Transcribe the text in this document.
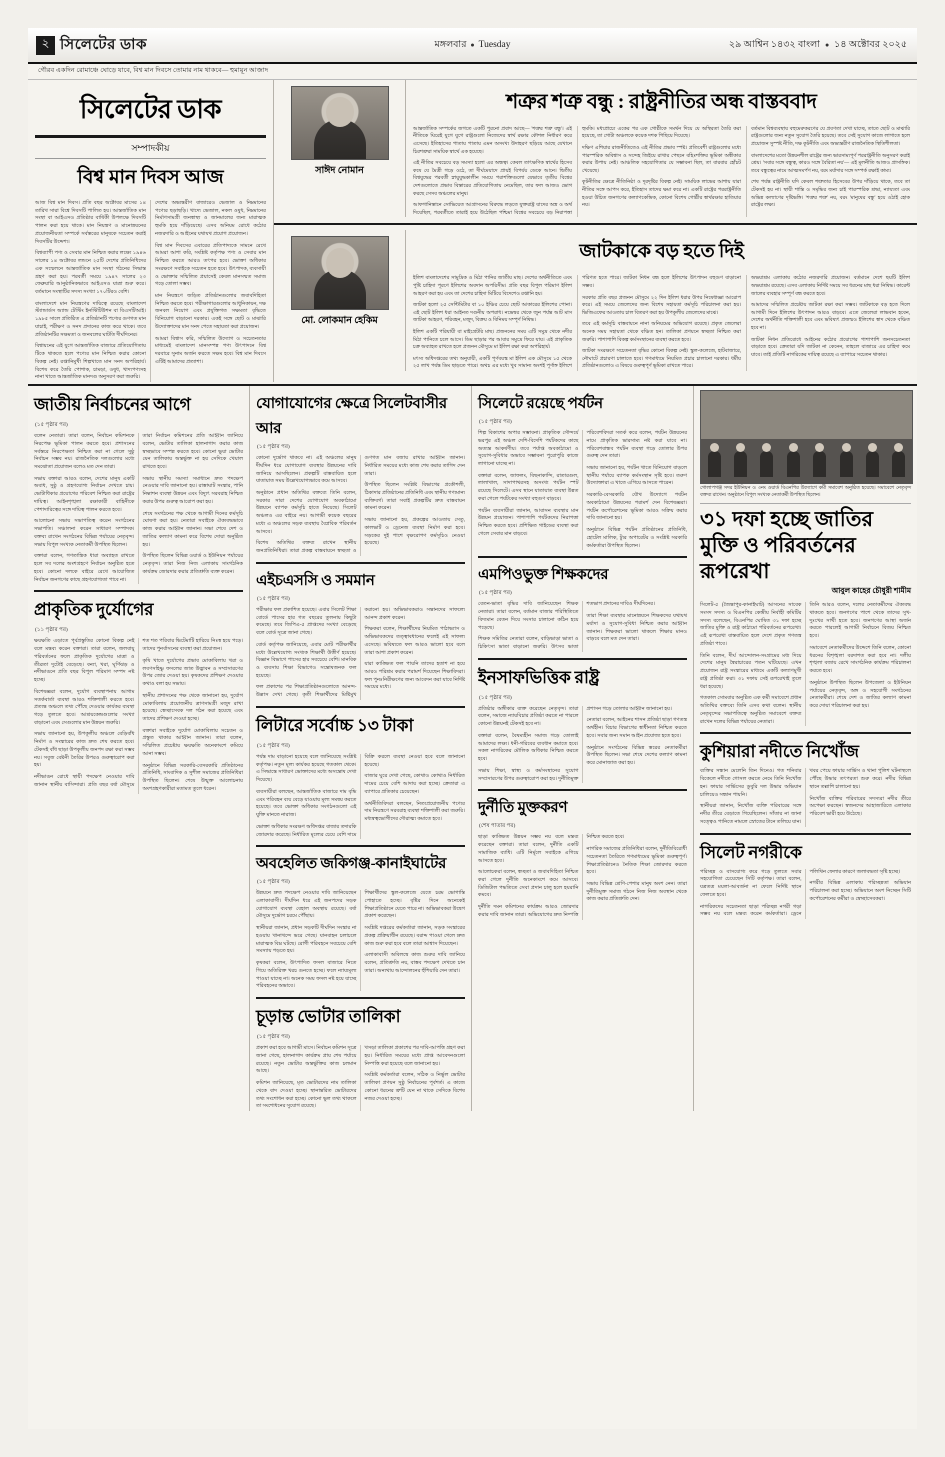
২ সিলেটের ডাক	মঙ্গলবার ● Tuesday	২৯ আশ্বিন ১৪৩২ বাংলা ● ১৪ অক্টোবর ২০২৫
গৌরব একদিন রোমাঞ্চে ঘোড়ে যাবে, বিশ্ব মান দিবসে তোমার নাম থাকবে— হুমায়ূন আজাদ
সিলেটের ডাক
সম্পাদকীয়
বিশ্ব মান দিবস আজ

আজ বিশ্ব মান দিবস। প্রতি বছর অক্টোবর মাসের ১৪ তারিখ সারা বিশ্বে দিবসটি পালিত হয়। আন্তর্জাতিক মান সংস্থা বা আইএসও প্রতিষ্ঠার বার্ষিকী উপলক্ষে দিবসটি পালন করা হয়ে থাকে। মান নিয়ন্ত্রণ ও মানোন্নয়নের প্রয়োজনীয়তা সম্পর্কে সর্বস্তরের মানুষকে সচেতন করাই দিবসটির উদ্দেশ্য।

বিশ্বব্যাপী পণ্য ও সেবার মান নিশ্চিত করার লক্ষ্যে ১৯৪৬ সালের ১৪ অক্টোবর লন্ডনে ২৫টি দেশের প্রতিনিধিদের এক সম্মেলনে আন্তর্জাতিক মান সংস্থা গঠনের সিদ্ধান্ত গ্রহণ করা হয়। পরবর্তী সময়ে ১৯৪৭ সালের ২৩ ফেব্রুয়ারি আনুষ্ঠানিকভাবে আইএসও যাত্রা শুরু করে। বর্তমানে সংস্থাটির সদস্য সংখ্যা ১৭০টিরও বেশি।

বাংলাদেশে মান নিয়ন্ত্রণের দায়িত্বে রয়েছে বাংলাদেশ স্ট্যান্ডার্ডস অ্যান্ড টেস্টিং ইনস্টিটিউশন বা বিএসটিআই। ১৯৮৫ সালে প্রতিষ্ঠিত এ প্রতিষ্ঠানটি পণ্যের গুণগত মান যাচাই, পরীক্ষণ ও সনদ প্রদানের কাজ করে থাকে। তবে প্রতিষ্ঠানটির সক্ষমতা ও জনবলের ঘাটতি দীর্ঘদিনের।

বিশ্বায়নের এই যুগে আন্তর্জাতিক বাজারে প্রতিযোগিতায় টিকে থাকতে হলে পণ্যের মান নিশ্চিত করার কোনো বিকল্প নেই। রপ্তানিমুখী শিল্পখাতে মান সনদ অপরিহার্য। বিশেষ করে তৈরি পোশাক, চামড়া, ওষুধ, খাদ্যপণ্যসহ নানা খাতে আন্তর্জাতিক মানদণ্ড অনুসরণ করা জরুরি।

দেশের অভ্যন্তরীণ বাজারেও ভেজাল ও নিম্নমানের পণ্যের ছড়াছড়ি। খাদ্যে ভেজাল, নকল ওষুধ, নিম্নমানের নির্মাণসামগ্রী জনস্বাস্থ্য ও জানমালের জন্য মারাত্মক হুমকি হয়ে দাঁড়িয়েছে। এসব অনিয়ম রোধে কঠোর নজরদারি ও আইনের যথাযথ প্রয়োগ প্রয়োজন।

বিশ্ব মান দিবসের এবারের প্রতিপাদ্যকে সামনে রেখে আমরা আশা করি, সংশ্লিষ্ট কর্তৃপক্ষ পণ্য ও সেবার মান নিশ্চিত করতে আরও তৎপর হবে। ভোক্তা অধিকার সংরক্ষণে সবাইকে সচেতন হতে হবে। উৎপাদক, ব্যবসায়ী ও ভোক্তার সম্মিলিত প্রয়াসেই কেবল মানসম্মত সমাজ গড়ে তোলা সম্ভব।

মান নিয়ন্ত্রণে জড়িত প্রতিষ্ঠানগুলোর জবাবদিহিতা নিশ্চিত করতে হবে। পরীক্ষাগারগুলোর আধুনিকায়ন, দক্ষ জনবল নিয়োগ এবং প্রযুক্তিগত সক্ষমতা বৃদ্ধিতে বিনিয়োগ বাড়ানো দরকার। একই সঙ্গে ছোট ও মাঝারি উদ্যোক্তাদের মান সনদ পেতে সহায়তা করা প্রয়োজন।

আমরা বিশ্বাস করি, সম্মিলিত উদ্যোগ ও সচেতনতার মাধ্যমেই বাংলাদেশ মানসম্পন্ন পণ্য উৎপাদনে বিশ্ব দরবারে সুনাম অর্জন করতে সক্ষম হবে। বিশ্ব মান দিবসে এটিই আমাদের প্রত্যাশা।

সাঈদ নোমান
শত্রুর শত্রু বন্ধু : রাষ্ট্রনীতির অন্ধ বাস্তববাদ

আন্তর্জাতিক সম্পর্কের জগতে একটি পুরনো প্রবাদ আছে— 'শত্রুর শত্রু বন্ধু'। এই নীতিকে ঘিরেই যুগে যুগে রাষ্ট্রগুলো নিজেদের স্বার্থ রক্ষার কৌশল নির্ধারণ করে এসেছে। ইতিহাসের পাতায় পাতায় এমন অসংখ্য উদাহরণ ছড়িয়ে আছে যেখানে চিরশত্রুরা সাময়িক স্বার্থে এক হয়েছে।

এই নীতির সবচেয়ে বড় সমস্যা হলো এর অন্ধত্ব। কেবল তাৎক্ষণিক স্বার্থের হিসেব কষে যে মৈত্রী গড়ে ওঠে, তা দীর্ঘমেয়াদে প্রায়ই বিপর্যয় ডেকে আনে। দ্বিতীয় বিশ্বযুদ্ধের পরবর্তী স্নায়ুযুদ্ধকালীন সময়ে পরাশক্তিগুলো যেভাবে তৃতীয় বিশ্বের দেশগুলোতে প্রভাব বিস্তারের প্রতিযোগিতায় নেমেছিল, তার ফল আজও ভোগ করছে সেসব অঞ্চলের মানুষ।

আফগানিস্তানে সোভিয়েত আগ্রাসনের বিরুদ্ধে লড়তে যুক্তরাষ্ট্র যাদের অস্ত্র ও অর্থ দিয়েছিল, পরবর্তীতে তারাই হয়ে উঠেছিল পশ্চিমা বিশ্বের সবচেয়ে বড় নিরাপত্তা হুমকি। মধ্যপ্রাচ্যে একের পর এক গোষ্ঠীকে সমর্থন দিয়ে যে অস্থিরতা তৈরি করা হয়েছে, তা গোটা অঞ্চলকে কয়েক দশক পিছিয়ে দিয়েছে।

দক্ষিণ এশিয়ার রাজনীতিতেও এই নীতির প্রভাব স্পষ্ট। প্রতিবেশী রাষ্ট্রগুলোর মধ্যে পারস্পরিক অবিশ্বাস ও সন্দেহ জিইয়ে রাখার পেছনে বহিঃশক্তির ভূমিকা অস্বীকার করার উপায় নেই। আঞ্চলিক সহযোগিতার যে সম্ভাবনা ছিল, তা বারবার হোঁচট খেয়েছে।

কূটনীতির ক্ষেত্রে নীতিনিষ্ঠা ও দূরদৃষ্টির বিকল্প নেই। সাময়িক লাভের আশায় যারা নীতির সঙ্গে আপস করে, ইতিহাস তাদের ক্ষমা করে না। একটি রাষ্ট্রের পররাষ্ট্রনীতি হওয়া উচিত জনগণের কল্যাণকেন্দ্রিক, কোনো বিশেষ গোষ্ঠীর স্বার্থরক্ষার হাতিয়ার নয়।

বর্তমান বিশ্বব্যবস্থায় বহুমেরুকরণের যে প্রবণতা দেখা যাচ্ছে, তাতে ছোট ও মাঝারি রাষ্ট্রগুলোর জন্য নতুন সুযোগ তৈরি হয়েছে। তবে সেই সুযোগ কাজে লাগাতে হলে প্রয়োজন সুস্পষ্ট নীতি, দক্ষ কূটনীতি এবং অভ্যন্তরীণ রাজনৈতিক স্থিতিশীলতা।

বাংলাদেশের মতো উন্নয়নশীল রাষ্ট্রের জন্য ভারসাম্যপূর্ণ পররাষ্ট্রনীতি অনুসরণ করাই শ্রেয়। 'সবার সঙ্গে বন্ধুত্ব, কারও সঙ্গে বৈরিতা নয়'— এই মূলনীতি আজও প্রাসঙ্গিক। তবে বন্ধুত্বের নামে আত্মসমর্পণ নয়, বরং মর্যাদার সঙ্গে সম্পর্ক রক্ষাই কাম্য।

শেষ পর্যন্ত রাষ্ট্রনীতি যদি কেবল শত্রুতার হিসেবের উপর দাঁড়িয়ে থাকে, তবে তা টেকসই হয় না। স্থায়ী শান্তি ও সমৃদ্ধির জন্য চাই পারস্পরিক শ্রদ্ধা, ন্যায্যতা এবং অভিন্ন কল্যাণের দৃষ্টিভঙ্গি। 'শত্রুর শত্রু' নয়, বরং 'মানুষের বন্ধু' হয়ে ওঠাই হোক রাষ্ট্রের লক্ষ্য।

মো. লোকমান হেকিম
জাটকাকে বড় হতে দিই

ইলিশ বাংলাদেশের সামুদ্রিক ও মিঠা পানির জাতীয় মাছ। দেশের অর্থনীতিতে এবং পুষ্টি চাহিদা পূরণে ইলিশের অবদান অপরিসীম। প্রতি বছর বিপুল পরিমাণ ইলিশ আহরণ করা হয় এবং তা দেশের চাহিদা মিটিয়ে বিদেশেও রপ্তানি হয়।

জাটকা হলো ২৫ সেন্টিমিটার বা ১০ ইঞ্চির চেয়ে ছোট আকারের ইলিশের পোনা। এই ছোট ইলিশ ধরা আইনত দণ্ডনীয় অপরাধ। নভেম্বর থেকে জুন পর্যন্ত আট মাস জাটকা আহরণ, পরিবহন, মজুদ, বিক্রয় ও বিনিময় সম্পূর্ণ নিষিদ্ধ।

ইলিশ একটি পরিযায়ী বা মাইগ্রেটরি মাছ। প্রজননের সময় এটি সমুদ্র থেকে নদীর মিঠা পানিতে চলে আসে। ডিম ছাড়ার পর আবার সমুদ্রে ফিরে যায়। এই প্রাকৃতিক চক্র অব্যাহত রাখতে হলে প্রজনন মৌসুমে মা ইলিশ রক্ষা করা অপরিহার্য।

মৎস্য অধিদপ্তরের তথ্য অনুযায়ী, একটি পূর্ণবয়স্ক মা ইলিশ এক মৌসুমে ১৫ থেকে ২৫ লাখ পর্যন্ত ডিম ছাড়তে পারে। অথচ এর মধ্যে খুব সামান্য অংশই পূর্ণাঙ্গ ইলিশে পরিণত হতে পারে। জাটকা নিধন বন্ধ হলে ইলিশের উৎপাদন বহুগুণ বাড়ানো সম্ভব।

সরকার প্রতি বছর প্রজনন মৌসুমে ২২ দিন ইলিশ ধরার উপর নিষেধাজ্ঞা আরোপ করে। এই সময়ে জেলেদের জন্য বিশেষ সহায়তা কর্মসূচি পরিচালনা করা হয়। ভিজিএফের আওতায় চাল বিতরণ করা হয় উপকূলীয় জেলেদের মাঝে।

তবে এই কর্মসূচি বাস্তবায়নে নানা অনিয়মের অভিযোগ রয়েছে। প্রকৃত জেলেরা অনেক সময় সহায়তা থেকে বঞ্চিত হন। তালিকা প্রণয়নে স্বচ্ছতা নিশ্চিত করা জরুরি। পাশাপাশি বিকল্প কর্মসংস্থানের ব্যবস্থা করতে হবে।

জাটকা সংরক্ষণে সচেতনতা বৃদ্ধির কোনো বিকল্প নেই। স্কুল-কলেজে, হাটবাজারে, নৌঘাটে প্রচারণা চালাতে হবে। গণমাধ্যমে নিয়মিত প্রচার চালানো দরকার। ধর্মীয় প্রতিষ্ঠানগুলোও এ বিষয়ে গুরুত্বপূর্ণ ভূমিকা রাখতে পারে।

অভয়াশ্রম এলাকায় কঠোর নজরদারি প্রয়োজন। বর্তমানে দেশে ছয়টি ইলিশ অভয়াশ্রম রয়েছে। এসব এলাকায় নির্দিষ্ট সময়ে সব ধরনের মাছ ধরা নিষিদ্ধ। কারেন্ট জালের ব্যবহার সম্পূর্ণ বন্ধ করতে হবে।

আমাদের সম্মিলিত প্রচেষ্টায় জাটকা রক্ষা করা সম্ভব। জাটকাকে বড় হতে দিলে আগামী দিনে ইলিশের উৎপাদন আরও বাড়বে। এতে জেলেরা লাভবান হবেন, দেশের অর্থনীতি শক্তিশালী হবে এবং ভবিষ্যৎ প্রজন্মও ইলিশের স্বাদ থেকে বঞ্চিত হবে না।

জাটকা নিধন প্রতিরোধে আইনের কঠোর প্রয়োগের পাশাপাশি জনসচেতনতা বাড়াতে হবে। ক্রেতারা যদি জাটকা না কেনেন, তাহলে বাজারে এর চাহিদা কমে যাবে। তাই প্রতিটি নাগরিকের দায়িত্ব রয়েছে এ ব্যাপারে সচেতন থাকার।

জাতীয় নির্বাচনের আগে
(১৫ পৃষ্ঠার পর)

বলেন নেতারা। তারা বলেন, নির্বাচন কমিশনকে নিরপেক্ষ ভূমিকা পালন করতে হবে। প্রশাসনের সর্বস্তরে নিরপেক্ষতা নিশ্চিত করা না গেলে সুষ্ঠু নির্বাচন সম্ভব নয়। রাজনৈতিক দলগুলোর মধ্যে সমঝোতা প্রয়োজন বলেও মত দেন তারা।

সভায় বক্তারা আরও বলেন, দেশের মানুষ একটি অবাধ, সুষ্ঠু ও গ্রহণযোগ্য নির্বাচন দেখতে চায়। ভোটাধিকার প্রয়োগের পরিবেশ নিশ্চিত করা রাষ্ট্রের দায়িত্ব। আইনশৃঙ্খলা রক্ষাকারী বাহিনীকে পেশাদারিত্বের সঙ্গে দায়িত্ব পালন করতে হবে।

আলোচনা সভায় সভাপতিত্ব করেন সংগঠনের সভাপতি। সঞ্চালনা করেন সাধারণ সম্পাদক। বক্তব্য রাখেন সংগঠনের বিভিন্ন পর্যায়ের নেতৃবৃন্দ। সভায় বিপুল সংখ্যক নেতাকর্মী উপস্থিত ছিলেন।

বক্তারা বলেন, গণতান্ত্রিক ধারা অব্যাহত রাখতে হলে সব দলের অংশগ্রহণে নির্বাচন অনুষ্ঠিত হতে হবে। কোনো দলকে বাইরে রেখে আয়োজিত নির্বাচন জনগণের কাছে গ্রহণযোগ্যতা পাবে না।

তারা নির্বাচন কমিশনের প্রতি আহ্বান জানিয়ে বলেন, ভোটার তালিকা হালনাগাদ করার কাজ স্বচ্ছভাবে সম্পন্ন করতে হবে। কোনো ভুয়া ভোটার যেন তালিকায় অন্তর্ভুক্ত না হয় সেদিকে খেয়াল রাখতে হবে।

সভায় স্থানীয় সমস্যা সমাধানে দ্রুত পদক্ষেপ নেওয়ার দাবি জানানো হয়। রাস্তাঘাট সংস্কার, পানি নিষ্কাশন ব্যবস্থা উন্নয়ন এবং বিদ্যুৎ সরবরাহ নিশ্চিত করার উপর গুরুত্ব আরোপ করা হয়।

শেষে সংগঠনের পক্ষ থেকে আগামী দিনের কর্মসূচি ঘোষণা করা হয়। নেতারা সবাইকে ঐক্যবদ্ধভাবে কাজ করার আহ্বান জানান। সভা শেষে দেশ ও জাতির কল্যাণ কামনা করে বিশেষ দোয়া অনুষ্ঠিত হয়।

উপস্থিত ছিলেন বিভিন্ন ওয়ার্ড ও ইউনিয়ন পর্যায়ের নেতৃবৃন্দ। তারা নিজ নিজ এলাকায় সাংগঠনিক কার্যক্রম জোরদার করার প্রতিশ্রুতি ব্যক্ত করেন।

প্রাকৃতিক দুর্যোগের
(১১ পৃষ্ঠার পর)

ক্ষয়ক্ষতি এড়াতে পূর্বপ্রস্তুতির কোনো বিকল্প নেই বলে মন্তব্য করেন বক্তারা। তারা বলেন, জলবায়ু পরিবর্তনের ফলে প্রাকৃতিক দুর্যোগের মাত্রা ও তীব্রতা দুটোই বেড়েছে। বন্যা, খরা, ঘূর্ণিঝড় ও নদীভাঙনে প্রতি বছর বিপুল পরিমাণ সম্পদ নষ্ট হচ্ছে।

বিশেষজ্ঞরা বলেন, দুর্যোগ ব্যবস্থাপনায় আগাম সতর্কবার্তা ব্যবস্থা আরও শক্তিশালী করতে হবে। প্রত্যন্ত অঞ্চলে তথ্য পৌঁছে দেওয়ার কার্যকর ব্যবস্থা গড়ে তুলতে হবে। আশ্রয়কেন্দ্রগুলোর সংখ্যা বাড়ানো এবং সেগুলোর মান উন্নয়ন জরুরি।

সভায় জানানো হয়, উপকূলীয় অঞ্চলে বেড়িবাঁধ নির্মাণ ও সংস্কারের কাজ দ্রুত শেষ করতে হবে। টেকসই বাঁধ ছাড়া উপকূলীয় জনপদ রক্ষা করা সম্ভব নয়। সবুজ বেষ্টনী তৈরির উপরও গুরুত্বারোপ করা হয়।

নদীভাঙন রোধে স্থায়ী পদক্ষেপ নেওয়ার দাবি জানান স্থানীয় বাসিন্দারা। প্রতি বছর বর্ষা মৌসুমে শত শত পরিবার ভিটেমাটি হারিয়ে নিঃস্ব হয়ে পড়ে। তাদের পুনর্বাসনের ব্যবস্থা করা প্রয়োজন।

কৃষি খাতে দুর্যোগের প্রভাব মোকাবিলায় খরা ও লবণসহিষ্ণু ফসলের জাত উদ্ভাবন ও সম্প্রসারণের উপর জোর দেওয়া হয়। কৃষকদের প্রশিক্ষণ দেওয়ার কথাও বলা হয় সভায়।

স্থানীয় প্রশাসনের পক্ষ থেকে জানানো হয়, দুর্যোগ মোকাবিলায় প্রয়োজনীয় ত্রাণসামগ্রী মজুদ রাখা হয়েছে। স্বেচ্ছাসেবক দল গঠন করা হয়েছে এবং তাদের প্রশিক্ষণ দেওয়া হচ্ছে।

বক্তারা সবাইকে দুর্যোগ মোকাবিলায় সচেতন ও প্রস্তুত থাকার আহ্বান জানান। তারা বলেন, সম্মিলিত প্রচেষ্টায় ক্ষয়ক্ষতি অনেকাংশে কমিয়ে আনা সম্ভব।

অনুষ্ঠানে বিভিন্ন সরকারি-বেসরকারি প্রতিষ্ঠানের প্রতিনিধি, সাংবাদিক ও সুশীল সমাজের প্রতিনিধিরা উপস্থিত ছিলেন। শেষে উন্মুক্ত আলোচনায় অংশগ্রহণকারীরা মতামত তুলে ধরেন।

যোগাযোগের ক্ষেত্রে সিলেটবাসীর আর
(১৫ পৃষ্ঠার পর)

কোনো দুর্ভোগ থাকবে না। এই অঞ্চলের মানুষ দীর্ঘদিন ধরে যোগাযোগ ব্যবস্থার উন্নয়নের দাবি জানিয়ে আসছিলেন। প্রকল্পটি বাস্তবায়িত হলে যাতায়াত সময় উল্লেখযোগ্যভাবে কমে আসবে।

অনুষ্ঠানে প্রধান অতিথির বক্তব্যে তিনি বলেন, সরকার সারা দেশের যোগাযোগ অবকাঠামো উন্নয়নে ব্যাপক কর্মসূচি হাতে নিয়েছে। সিলেট অঞ্চলও এর বাইরে নয়। আগামী কয়েক বছরের মধ্যে এ অঞ্চলের সড়ক ব্যবস্থায় বৈপ্লবিক পরিবর্তন আসবে।

বিশেষ অতিথির বক্তব্য রাখেন স্থানীয় জনপ্রতিনিধিরা। তারা প্রকল্প বাস্তবায়নে স্বচ্ছতা ও গুণগত মান বজায় রাখার আহ্বান জানান। নির্ধারিত সময়ের মধ্যে কাজ শেষ করার তাগিদ দেন তারা।

উপস্থিত ছিলেন সংশ্লিষ্ট বিভাগের প্রকৌশলী, ঠিকাদার প্রতিষ্ঠানের প্রতিনিধি এবং স্থানীয় গণ্যমান্য ব্যক্তিবর্গ। তারা সবাই প্রকল্পটির দ্রুত বাস্তবায়ন কামনা করেন।

সভায় জানানো হয়, প্রকল্পের আওতায় সেতু, কালভার্ট ও ড্রেনেজ ব্যবস্থা নির্মাণ করা হবে। সড়কের দুই পাশে বৃক্ষরোপণ কর্মসূচিও নেওয়া হয়েছে।

এইচএসসি ও সমমান
(১৫ পৃষ্ঠার পর)

পরীক্ষার ফল প্রকাশিত হয়েছে। এবার সিলেট শিক্ষা বোর্ডে পাসের হার গত বছরের তুলনায় কিছুটা কমেছে। তবে জিপিএ-৫ প্রাপ্তদের সংখ্যা বেড়েছে বলে বোর্ড সূত্রে জানা গেছে।

বোর্ড কর্তৃপক্ষ জানিয়েছে, এবার মোট পরীক্ষার্থীর মধ্যে উল্লেখযোগ্য সংখ্যক শিক্ষার্থী উত্তীর্ণ হয়েছে। বিজ্ঞান বিভাগে পাসের হার সবচেয়ে বেশি। মানবিক ও ব্যবসায় শিক্ষা বিভাগেও সন্তোষজনক ফল হয়েছে।

ফল প্রকাশের পর শিক্ষাপ্রতিষ্ঠানগুলোতে আনন্দ-উল্লাস দেখা গেছে। কৃতী শিক্ষার্থীদের মিষ্টিমুখ করানো হয়। অভিভাবকরাও সন্তানদের সাফল্যে আনন্দ প্রকাশ করেন।

শিক্ষকরা বলেন, শিক্ষার্থীদের নিয়মিত পাঠাভ্যাস ও অভিভাবকদের তত্ত্বাবধানের ফলেই এই সাফল্য এসেছে। ভবিষ্যতে ফল আরও ভালো হবে বলে তারা আশা প্রকাশ করেন।

যারা কাঙ্ক্ষিত ফল পায়নি তাদের হতাশ না হয়ে আরও পরিশ্রম করার পরামর্শ দিয়েছেন শিক্ষাবিদরা। ফল পুনঃনিরীক্ষণের জন্য আবেদন করা যাবে নির্দিষ্ট সময়ের মধ্যে।

লিটারে সর্বোচ্চ ১৩ টাকা
(১৫ পৃষ্ঠার পর)

পর্যন্ত দাম বাড়ানো হয়েছে বলে জানিয়েছে সংশ্লিষ্ট কর্তৃপক্ষ। নতুন মূল্য কার্যকর হয়েছে গতকাল থেকে। এ সিদ্ধান্তে সাধারণ ভোক্তাদের মধ্যে অসন্তোষ দেখা দিয়েছে।

ব্যবসায়ীরা বলছেন, আন্তর্জাতিক বাজারে দাম বৃদ্ধি এবং পরিবহন ব্যয় বেড়ে যাওয়ায় মূল্য সমন্বয় করতে হয়েছে। তবে ভোক্তা অধিকার সংগঠনগুলো এই যুক্তি মানতে নারাজ।

ভোক্তা অধিকার সংরক্ষণ অধিদপ্তর বাজার তদারকি জোরদার করেছে। নির্ধারিত মূল্যের চেয়ে বেশি দামে বিক্রি করলে ব্যবস্থা নেওয়া হবে বলে জানানো হয়েছে।

বাজার ঘুরে দেখা গেছে, কোথাও কোথাও নির্ধারিত দামের চেয়ে বেশি আদায় করা হচ্ছে। ক্রেতারা এ ব্যাপারে প্রতিকার চেয়েছেন।

অর্থনীতিবিদরা বলছেন, নিত্যপ্রয়োজনীয় পণ্যের দাম নিয়ন্ত্রণে সরবরাহ ব্যবস্থা শক্তিশালী করা জরুরি। মধ্যস্বত্বভোগীদের দৌরাত্ম্য কমাতে হবে।

অবহেলিত জকিগঞ্জ-কানাইঘাটের
(১৫ পৃষ্ঠার পর)

উন্নয়নে দ্রুত পদক্ষেপ নেওয়ার দাবি জানিয়েছেন এলাকাবাসী। দীর্ঘদিন ধরে এই জনপদের সড়ক যোগাযোগ ব্যবস্থা বেহাল অবস্থায় রয়েছে। বর্ষা মৌসুমে দুর্ভোগ চরমে পৌঁছায়।

স্থানীয়রা জানান, প্রধান সড়কটি দীর্ঘদিন সংস্কার না হওয়ায় খানাখন্দে ভরে গেছে। যানবাহন চলাচলে মারাত্মক বিঘ্ন ঘটছে। রোগী পরিবহনে সবচেয়ে বেশি সমস্যায় পড়তে হয়।

কৃষকরা বলেন, উৎপাদিত ফসল বাজারে নিতে গিয়ে অতিরিক্ত খরচ গুনতে হচ্ছে। ফলে ন্যায্যমূল্য পাওয়া যাচ্ছে না। অনেক সময় ফসল নষ্ট হয়ে যাচ্ছে পরিবহনের অভাবে।

শিক্ষার্থীদের স্কুল-কলেজে যেতে চরম ভোগান্তি পোহাতে হচ্ছে। বৃষ্টির দিনে অনেকেই শিক্ষাপ্রতিষ্ঠানে যেতে পারে না। অভিভাবকরা উদ্বেগ প্রকাশ করেছেন।

সংশ্লিষ্ট দপ্তরের কর্মকর্তারা জানান, সড়ক সংস্কারের প্রকল্প প্রক্রিয়াধীন রয়েছে। বরাদ্দ পাওয়া গেলে দ্রুত কাজ শুরু করা হবে বলে তারা আশ্বাস দিয়েছেন।

এলাকাবাসী অবিলম্বে কাজ শুরুর দাবি জানিয়ে বলেন, প্রতিশ্রুতি নয়, বাস্তব পদক্ষেপ দেখতে চান তারা। অন্যথায় আন্দোলনের হুঁশিয়ারি দেন তারা।

চূড়ান্ত ভোটার তালিকা
(১৫ পৃষ্ঠার পর)

প্রকাশ করা হবে আগামী মাসে। নির্বাচন কমিশন সূত্রে জানা গেছে, হালনাগাদ কার্যক্রম প্রায় শেষ পর্যায়ে রয়েছে। নতুন ভোটার অন্তর্ভুক্তির কাজ চলমান আছে।

কমিশন জানিয়েছে, মৃত ভোটারদের নাম তালিকা থেকে বাদ দেওয়া হচ্ছে। স্থানান্তরিত ভোটারদের তথ্য সংশোধন করা হচ্ছে। কোনো ভুল তথ্য থাকলে তা সংশোধনের সুযোগ রয়েছে।

খসড়া তালিকা প্রকাশের পর দাবি-আপত্তি গ্রহণ করা হয়। নির্ধারিত সময়ের মধ্যে প্রাপ্ত আবেদনগুলো নিষ্পত্তি করা হয়েছে বলে জানানো হয়।

সংশ্লিষ্ট কর্মকর্তারা বলেন, সঠিক ও নির্ভুল ভোটার তালিকা প্রণয়ন সুষ্ঠু নির্বাচনের পূর্বশর্ত। এ কাজে কোনো ধরনের ত্রুটি যেন না থাকে সেদিকে বিশেষ নজর দেওয়া হচ্ছে।

সিলেটে রয়েছে পর্যটন
(১৫ পৃষ্ঠার পর)

শিল্প বিকাশের অপার সম্ভাবনা। প্রাকৃতিক সৌন্দর্যে ভরপুর এই অঞ্চল দেশি-বিদেশি পর্যটকদের কাছে অত্যন্ত আকর্ষণীয়। তবে পর্যাপ্ত অবকাঠামো ও সুযোগ-সুবিধার অভাবে সম্ভাবনা পুরোপুরি কাজে লাগানো যাচ্ছে না।

বক্তারা বলেন, জাফলং, বিছনাকান্দি, রাতারগুল, লালাখাল, সাদাপাথরসহ অসংখ্য পর্যটন স্পট রয়েছে সিলেটে। এসব স্থানে যাতায়াত ব্যবস্থা উন্নত করা গেলে পর্যটকের সংখ্যা বহুগুণ বাড়বে।

পর্যটন ব্যবসায়ীরা জানান, আবাসন ব্যবস্থার মান উন্নয়ন প্রয়োজন। পাশাপাশি পর্যটকদের নিরাপত্তা নিশ্চিত করতে হবে। প্রশিক্ষিত গাইডের ব্যবস্থা করা গেলে সেবার মান বাড়বে।

পরিবেশবিদরা সতর্ক করে বলেন, পর্যটন উন্নয়নের নামে প্রাকৃতিক ভারসাম্য নষ্ট করা যাবে না। পরিবেশবান্ধব পর্যটন ব্যবস্থা গড়ে তোলার উপর গুরুত্ব দেন তারা।

সভায় জানানো হয়, পর্যটন খাতে বিনিয়োগ বাড়লে স্থানীয় পর্যায়ে ব্যাপক কর্মসংস্থান সৃষ্টি হবে। তরুণ উদ্যোক্তারা এ খাতে এগিয়ে আসতে পারেন।

সরকারি-বেসরকারি যৌথ উদ্যোগে পর্যটন অবকাঠামো উন্নয়নের পরামর্শ দেন বিশেষজ্ঞরা। পর্যটন কর্পোরেশনের ভূমিকা আরও সক্রিয় করার দাবি জানানো হয়।

অনুষ্ঠানে বিভিন্ন পর্যটন প্রতিষ্ঠানের প্রতিনিধি, হোটেল মালিক, ট্যুর অপারেটর ও সংশ্লিষ্ট সরকারি কর্মকর্তারা উপস্থিত ছিলেন।

এমপিওভুক্ত শিক্ষকদের
(১৫ পৃষ্ঠার পর)

বেতন-ভাতা বৃদ্ধির দাবি জানিয়েছেন শিক্ষক নেতারা। তারা বলেন, বর্তমান বাজার পরিস্থিতিতে বিদ্যমান বেতন দিয়ে সংসার চালানো কঠিন হয়ে পড়েছে।

শিক্ষক সমিতির নেতারা বলেন, বাড়িভাড়া ভাতা ও চিকিৎসা ভাতা বাড়ানো জরুরি। উৎসব ভাতা শতভাগ প্রদানের দাবিও দীর্ঘদিনের।

তারা শিক্ষা ব্যবস্থার মানোন্নয়নে শিক্ষকদের যথাযথ মর্যাদা ও সুযোগ-সুবিধা নিশ্চিত করার আহ্বান জানান। শিক্ষকরা ভালো থাকলে শিক্ষার মানও বাড়বে বলে মত দেন তারা।

ইনসাফভিত্তিক রাষ্ট্র
(১৫ পৃষ্ঠার পর)

প্রতিষ্ঠার অঙ্গীকার ব্যক্ত করেছেন নেতৃবৃন্দ। তারা বলেন, সমাজে ন্যায়বিচার প্রতিষ্ঠা করতে না পারলে কোনো উন্নয়নই টেকসই হবে না।

বক্তারা বলেন, বৈষম্যহীন সমাজ গড়ে তোলাই আমাদের লক্ষ্য। ধনী-গরিবের ব্যবধান কমাতে হবে। সকল নাগরিকের মৌলিক অধিকার নিশ্চিত করতে হবে।

সভায় শিক্ষা, স্বাস্থ্য ও কর্মসংস্থানের সুযোগ সম্প্রসারণের উপর গুরুত্বারোপ করা হয়। দুর্নীতিমুক্ত প্রশাসন গড়ে তোলার আহ্বান জানানো হয়।

নেতারা বলেন, আইনের শাসন প্রতিষ্ঠা ছাড়া গণতন্ত্র অর্থহীন। বিচার বিভাগের স্বাধীনতা নিশ্চিত করতে হবে। সবার জন্য সমান আইন প্রযোজ্য হতে হবে।

অনুষ্ঠানে সংগঠনের বিভিন্ন স্তরের নেতাকর্মীরা উপস্থিত ছিলেন। সভা শেষে দেশের কল্যাণ কামনা করে মোনাজাত করা হয়।

দুর্নীতি মুক্তকরণ
(শেষ পাতার পর)

ছাড়া কাঙ্ক্ষিত উন্নয়ন সম্ভব নয় বলে মন্তব্য করেছেন বক্তারা। তারা বলেন, দুর্নীতি একটি সামাজিক ব্যাধি। এটি নির্মূলে সবাইকে এগিয়ে আসতে হবে।

আলোচকরা বলেন, স্বচ্ছতা ও জবাবদিহিতা নিশ্চিত করা গেলে দুর্নীতি অনেকাংশে কমে আসবে। ডিজিটাল পদ্ধতিতে সেবা প্রদান চালু হলে হয়রানি কমবে।

দুর্নীতি দমন কমিশনের কার্যক্রম আরও জোরদার করার দাবি জানান তারা। অভিযোগের দ্রুত নিষ্পত্তি নিশ্চিত করতে হবে।

নাগরিক সমাজের প্রতিনিধিরা বলেন, দুর্নীতিবিরোধী সচেতনতা তৈরিতে গণমাধ্যমের ভূমিকা গুরুত্বপূর্ণ। শিক্ষাপ্রতিষ্ঠানেও নৈতিক শিক্ষা জোরদার করতে হবে।

সভায় বিভিন্ন শ্রেণি-পেশার মানুষ অংশ নেন। তারা দুর্নীতিমুক্ত সমাজ গঠনে নিজ নিজ অবস্থান থেকে কাজ করার প্রতিশ্রুতি দেন।

গোলাপগঞ্জ সদর ইউনিয়ন ও ৩নং ওয়ার্ড বিএনপির উদ্যোগে কর্মী সমাবেশ অনুষ্ঠিত হয়েছে। সমাবেশে নেতৃবৃন্দ বক্তব্য রাখেন। অনুষ্ঠানে বিপুল সংখ্যক নেতাকর্মী উপস্থিত ছিলেন।
৩১ দফা হচ্ছে জাতির মুক্তি ও পরিবর্তনের রূপরেখা
আবুল কাহের চৌধুরী শামীম

সিলেট-৫ (জৈন্তাপুর-কানাইঘাট) আসনের সাবেক সংসদ সদস্য ও বিএনপির কেন্দ্রীয় নির্বাহী কমিটির সদস্য বলেছেন, বিএনপির ঘোষিত ৩১ দফা হচ্ছে জাতির মুক্তি ও রাষ্ট্র কাঠামো পরিবর্তনের রূপরেখা। এই রূপরেখা বাস্তবায়িত হলে দেশে প্রকৃত গণতন্ত্র প্রতিষ্ঠা পাবে।

তিনি বলেন, দীর্ঘ আন্দোলন-সংগ্রামের মধ্য দিয়ে দেশের মানুষ স্বৈরাচারের পতন ঘটিয়েছে। এখন প্রয়োজন রাষ্ট্র সংস্কারের মাধ্যমে একটি কল্যাণমুখী রাষ্ট্র প্রতিষ্ঠা করা। ৩১ দফায় সেই রূপরেখাই তুলে ধরা হয়েছে।

গতকাল সোমবার অনুষ্ঠিত এক কর্মী সমাবেশে প্রধান অতিথির বক্তব্যে তিনি এসব কথা বলেন। স্থানীয় নেতৃবৃন্দের সভাপতিত্বে অনুষ্ঠিত সমাবেশে বক্তব্য রাখেন দলের বিভিন্ন পর্যায়ের নেতারা।

তিনি আরও বলেন, দলের নেতাকর্মীদের ঐক্যবদ্ধ থাকতে হবে। জনগণের পাশে থেকে তাদের সুখ-দুঃখের সাথী হতে হবে। জনগণের আস্থা অর্জন করতে পারলেই আগামী নির্বাচনে বিজয় নিশ্চিত হবে।

সমাবেশে নেতাকর্মীদের উদ্দেশে তিনি বলেন, কোনো ধরনের বিশৃঙ্খলা বরদাশত করা হবে না। দলীয় শৃঙ্খলা বজায় রেখে সাংগঠনিক কার্যক্রম পরিচালনা করতে হবে।

অনুষ্ঠানে উপস্থিত ছিলেন উপজেলা ও ইউনিয়ন পর্যায়ের নেতৃবৃন্দ, অঙ্গ ও সহযোগী সংগঠনের নেতাকর্মীরা। শেষে দেশ ও জাতির কল্যাণ কামনা করে দোয়া পরিচালনা করা হয়।

কুশিয়ারা নদীতে নিখোঁজ

ব্যক্তির সন্ধান মেলেনি তিন দিনেও। গত শনিবার বিকেলে নদীতে গোসল করতে নেমে তিনি নিখোঁজ হন। ফায়ার সার্ভিসের ডুবুরি দল উদ্ধার অভিযান চালিয়েও সন্ধান পায়নি।

স্থানীয়রা জানান, নিখোঁজ ব্যক্তি পরিবারের সঙ্গে নদীর তীরে বেড়াতে গিয়েছিলেন। সাঁতার না জানা সত্ত্বেও পানিতে নামলে স্রোতের টানে তলিয়ে যান।

খবর পেয়ে ফায়ার সার্ভিস ও থানা পুলিশ ঘটনাস্থলে পৌঁছে উদ্ধার তৎপরতা শুরু করে। নদীর বিভিন্ন স্থানে তল্লাশি চালানো হয়।

নিখোঁজ ব্যক্তির পরিবারের সদস্যরা নদীর তীরে অপেক্ষা করছেন। স্বজনদের আহাজারিতে এলাকার পরিবেশ ভারী হয়ে উঠেছে।

সিলেট নগরীকে

পরিচ্ছন্ন ও বাসযোগ্য করে গড়ে তুলতে সবার সহযোগিতা চেয়েছেন সিটি কর্তৃপক্ষ। তারা বলেন, যত্রতত্র ময়লা-আবর্জনা না ফেলে নির্দিষ্ট স্থানে ফেলতে হবে।

নাগরিকদের সচেতনতা ছাড়া পরিচ্ছন্ন নগরী গড়া সম্ভব নয় বলে মন্তব্য করেন কর্মকর্তারা। ড্রেনে পলিথিন ফেলার কারণে জলাবদ্ধতা সৃষ্টি হচ্ছে।

নগরীর বিভিন্ন এলাকায় পরিচ্ছন্নতা অভিযান পরিচালনা করা হচ্ছে। অভিযানে অংশ নিচ্ছেন সিটি কর্পোরেশনের কর্মীরা ও স্বেচ্ছাসেবকরা।
